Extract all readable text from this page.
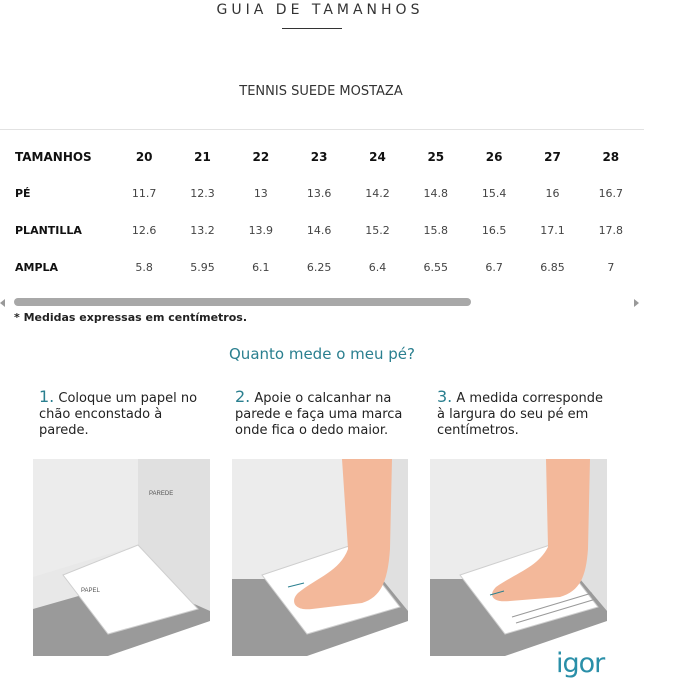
GUIA DE TAMANHOS
TENNIS SUEDE MOSTAZA
TAMANHOS	20	21	22	23	24	25	26	27	28
PÉ	11.7	12.3	13	13.6	14.2	14.8	15.4	16	16.7
PLANTILLA	12.6	13.2	13.9	14.6	15.2	15.8	16.5	17.1	17.8
AMPLA	5.8	5.95	6.1	6.25	6.4	6.55	6.7	6.85	7
* Medidas expressas em centímetros.
Quanto mede o meu pé?
1. Coloque um papel no chão enconstado à parede.
2. Apoie o calcanhar na parede e faça uma marca onde fica o dedo maior.
3. A medida corresponde à largura do seu pé em centímetros.
PAREDE
PAPEL
igor
